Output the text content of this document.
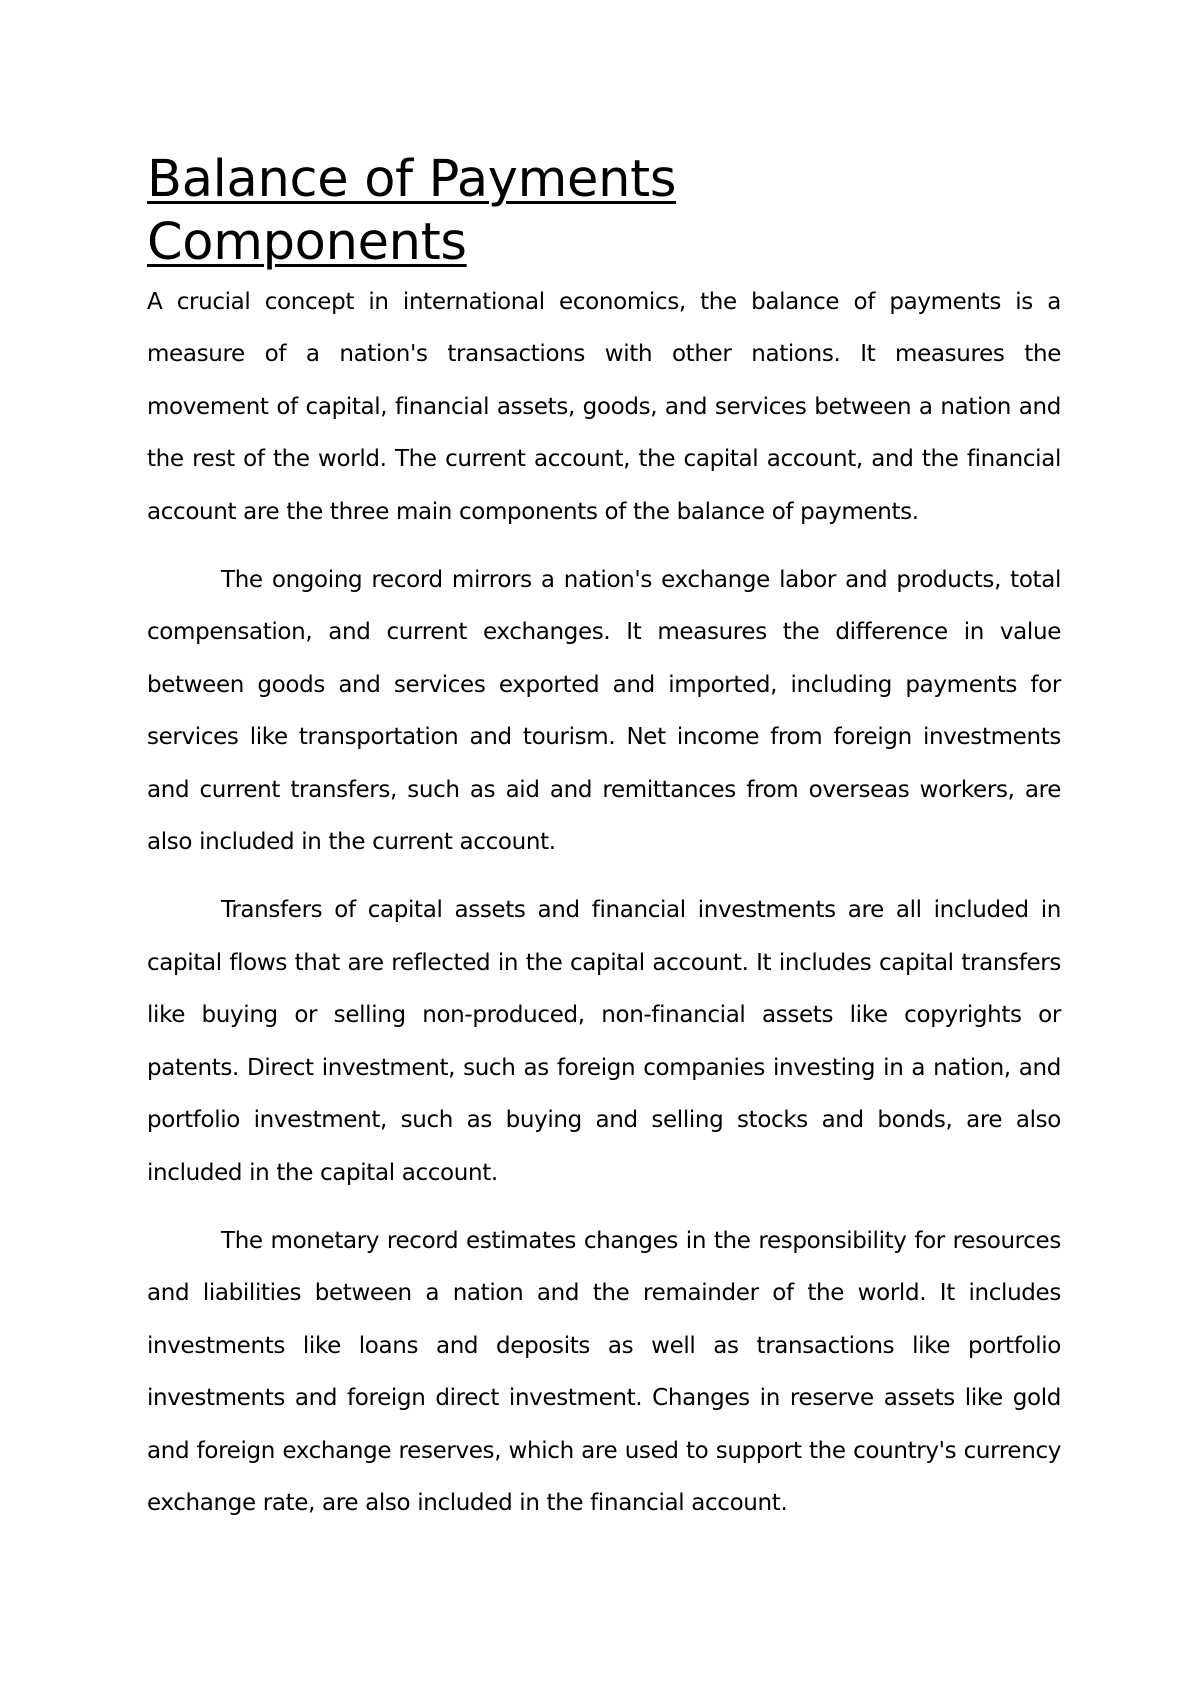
Balance of Payments Components

A crucial concept in international economics, the balance of payments is a measure of a nation's transactions with other nations. It measures the movement of capital, financial assets, goods, and services between a nation and the rest of the world. The current account, the capital account, and the financial account are the three main components of the balance of payments.

The ongoing record mirrors a nation's exchange labor and products, total compensation, and current exchanges. It measures the difference in value between goods and services exported and imported, including payments for services like transportation and tourism. Net income from foreign investments and current transfers, such as aid and remittances from overseas workers, are also included in the current account.

Transfers of capital assets and financial investments are all included in capital flows that are reflected in the capital account. It includes capital transfers like buying or selling non-produced, non-financial assets like copyrights or patents. Direct investment, such as foreign companies investing in a nation, and portfolio investment, such as buying and selling stocks and bonds, are also included in the capital account.

The monetary record estimates changes in the responsibility for resources and liabilities between a nation and the remainder of the world. It includes investments like loans and deposits as well as transactions like portfolio investments and foreign direct investment. Changes in reserve assets like gold and foreign exchange reserves, which are used to support the country's currency exchange rate, are also included in the financial account.
